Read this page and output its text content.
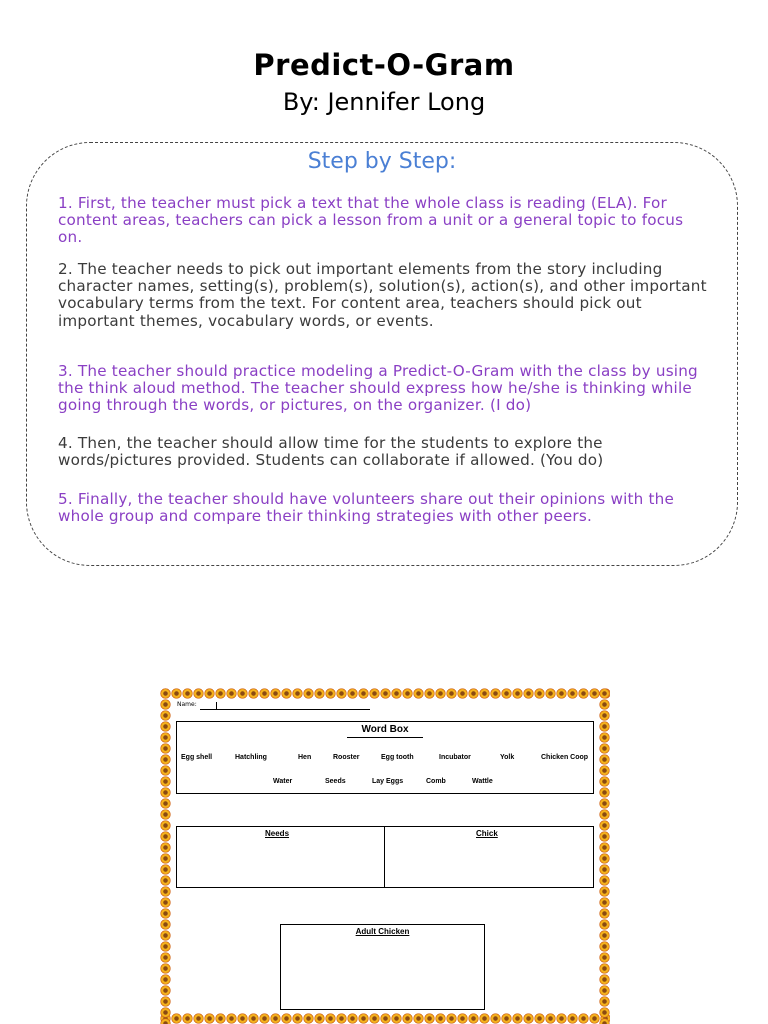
Predict-O-Gram
By: Jennifer Long
Step by Step:
1. First, the teacher must pick a text that the whole class is reading (ELA). For content areas, teachers can pick a lesson from a unit or a general topic to focus on.
2. The teacher needs to pick out important elements from the story including character names, setting(s), problem(s), solution(s), action(s), and other important vocabulary terms from the text. For content area, teachers should pick out important themes, vocabulary words, or events.
3. The teacher should practice modeling a Predict-O-Gram with the class by using the think aloud method. The teacher should express how he/she is thinking while going through the words, or pictures, on the organizer. (I do)
4. Then, the teacher should allow time for the students to explore the words/pictures provided. Students can collaborate if allowed. (You do)
5. Finally, the teacher should have volunteers share out their opinions with the whole group and compare their thinking strategies with other peers.
Name:
Word Box
Egg shell	Hatchling	Hen	Rooster	Egg tooth	Incubator	Yolk	Chicken Coop
Water	Seeds	Lay Eggs	Comb	Wattle
Needs	Chick
Adult Chicken
